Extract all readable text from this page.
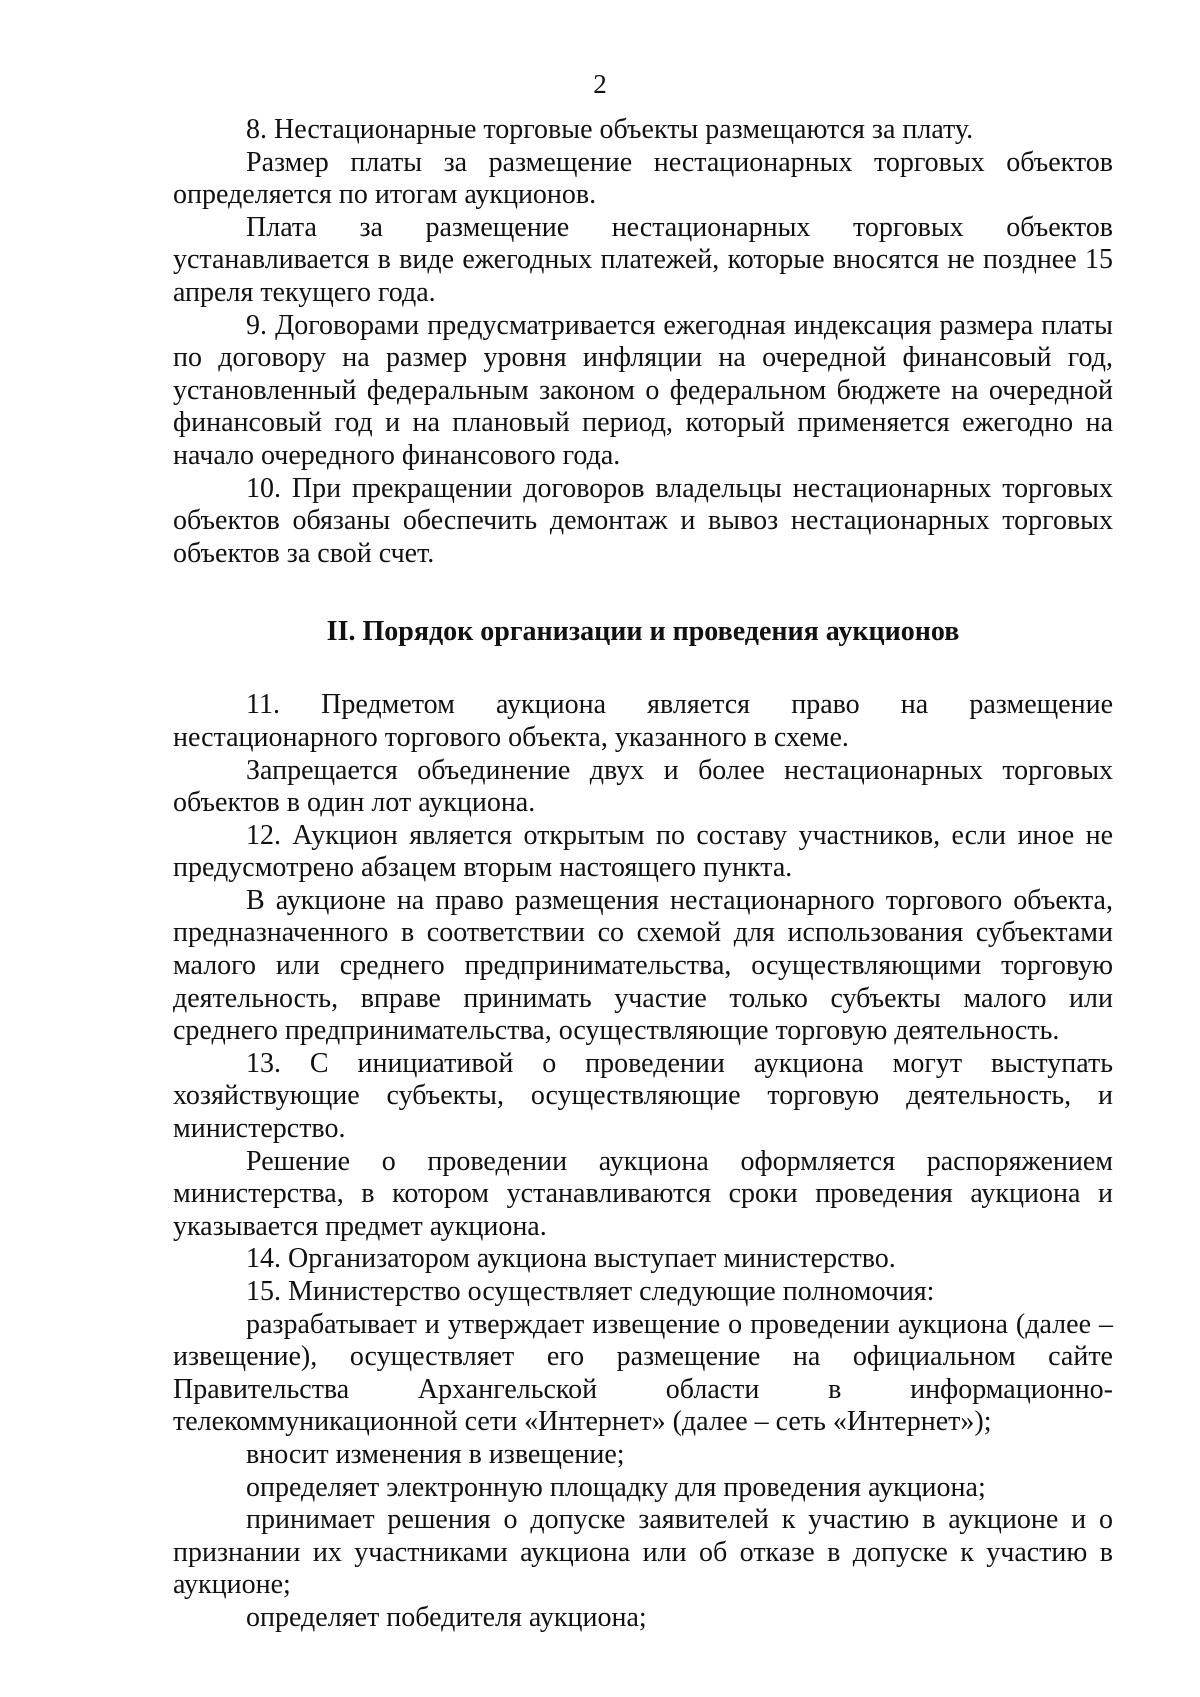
2

8. Нестационарные торговые объекты размещаются за плату.

Размер платы за размещение нестационарных торговых объектов определяется по итогам аукционов.

Плата за размещение нестационарных торговых объектов устанавливается в виде ежегодных платежей, которые вносятся не позднее 15 апреля текущего года.

9. Договорами предусматривается ежегодная индексация размера платы по договору на размер уровня инфляции на очередной финансовый год, установленный федеральным законом о федеральном бюджете на очередной финансовый год и на плановый период, который применяется ежегодно на начало очередного финансового года.

10. При прекращении договоров владельцы нестационарных торговых объектов обязаны обеспечить демонтаж и вывоз нестационарных торговых объектов за свой счет.

II. Порядок организации и проведения аукционов

11. Предметом аукциона является право на размещение нестационарного торгового объекта, указанного в схеме.

Запрещается объединение двух и более нестационарных торговых объектов в один лот аукциона.

12. Аукцион является открытым по составу участников, если иное не предусмотрено абзацем вторым настоящего пункта.

В аукционе на право размещения нестационарного торгового объекта, предназначенного в соответствии со схемой для использования субъектами малого или среднего предпринимательства, осуществляющими торговую деятельность, вправе принимать участие только субъекты малого или среднего предпринимательства, осуществляющие торговую деятельность.

13. С инициативой о проведении аукциона могут выступать хозяйствующие субъекты, осуществляющие торговую деятельность, и министерство.

Решение о проведении аукциона оформляется распоряжением министерства, в котором устанавливаются сроки проведения аукциона и указывается предмет аукциона.

14. Организатором аукциона выступает министерство.

15. Министерство осуществляет следующие полномочия:

разрабатывает и утверждает извещение о проведении аукциона (далее – извещение), осуществляет его размещение на официальном сайте Правительства Архангельской области в информационно-телекоммуникационной сети «Интернет» (далее – сеть «Интернет»);

вносит изменения в извещение;

определяет электронную площадку для проведения аукциона;

принимает решения о допуске заявителей к участию в аукционе и о признании их участниками аукциона или об отказе в допуске к участию в аукционе;

определяет победителя аукциона;
